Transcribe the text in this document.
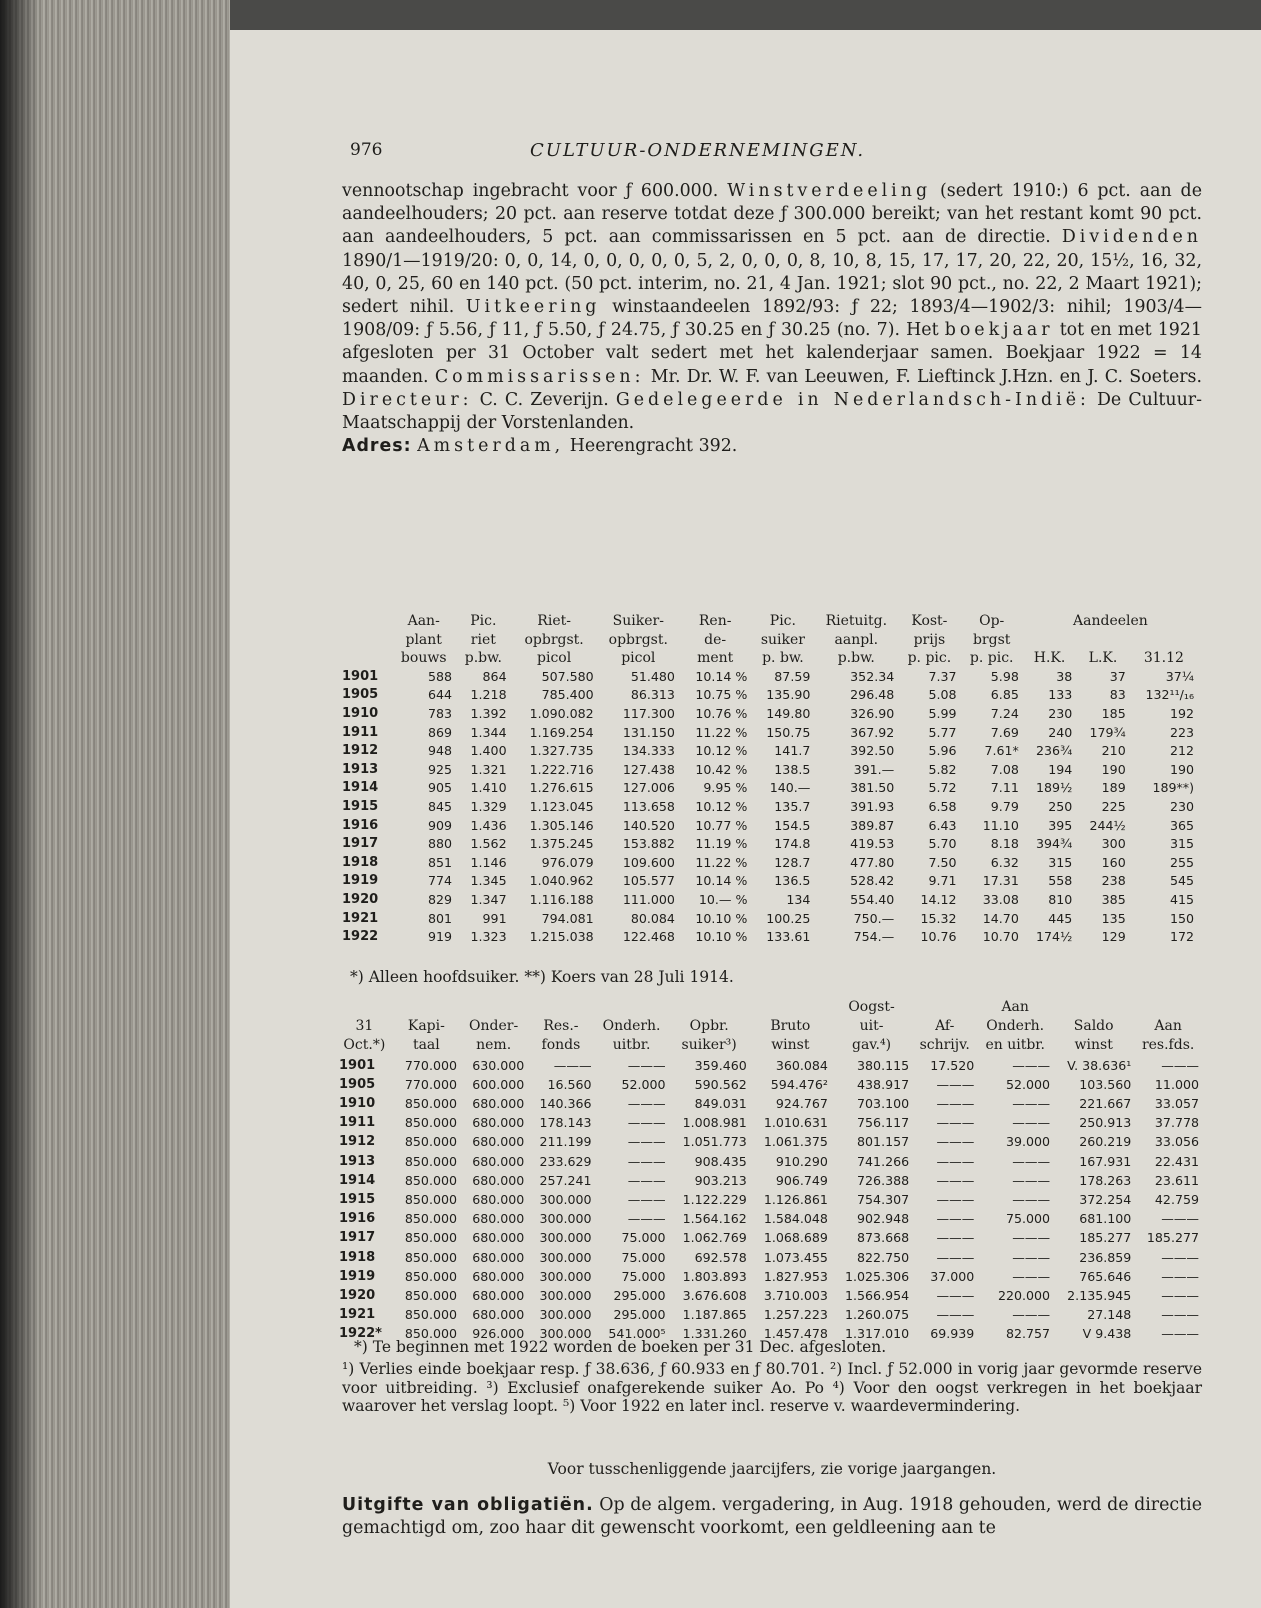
976	CULTUUR-ONDERNEMINGEN.
vennootschap ingebracht voor ƒ 600.000. Winstverdeeling (sedert 1910:) 6 pct. aan de aandeelhouders; 20 pct. aan reserve totdat deze ƒ 300.000 bereikt; van het restant komt 90 pct. aan aandeelhouders, 5 pct. aan commissarissen en 5 pct. aan de directie. Dividenden 1890/1—1919/20: 0, 0, 14, 0, 0, 0, 0, 0, 5, 2, 0, 0, 0, 8, 10, 8, 15, 17, 17, 20, 22, 20, 15½, 16, 32, 40, 0, 25, 60 en 140 pct. (50 pct. interim, no. 21, 4 Jan. 1921; slot 90 pct., no. 22, 2 Maart 1921); sedert nihil. Uitkeering winstaandeelen 1892/93: ƒ 22; 1893/4—1902/3: nihil; 1903/4—1908/09: ƒ 5.56, ƒ 11, ƒ 5.50, ƒ 24.75, ƒ 30.25 en ƒ 30.25 (no. 7). Het boekjaar tot en met 1921 afgesloten per 31 October valt sedert met het kalenderjaar samen. Boekjaar 1922 = 14 maanden. Commissarissen: Mr. Dr. W. F. van Leeuwen, F. Lieftinck J.Hzn. en J. C. Soeters. Directeur: C. C. Zeverijn. Gedelegeerde in Nederlandsch-Indië: De Cultuur-Maatschappij der Vorstenlanden.
Adres: Amsterdam, Heerengracht 392.
	Aan-	Pic.	Riet-	Suiker-	Ren-	Pic.	Rietuitg.	Kost-	Op-	Aandeelen		
	plant	riet	opbrgst.	opbrgst.	de-	suiker	aanpl.	prijs	brgst			
	bouws	p.bw.	picol	picol	ment	p. bw.	p.bw.	p. pic.	p. pic.	H.K.	L.K.	31.12
1901	588	864	507.580	51.480	10.14 %	87.59	352.34	7.37	5.98	38	37	37¼
1905	644	1.218	785.400	86.313	10.75 %	135.90	296.48	5.08	6.85	133	83	132¹¹/₁₆
1910	783	1.392	1.090.082	117.300	10.76 %	149.80	326.90	5.99	7.24	230	185	192
1911	869	1.344	1.169.254	131.150	11.22 %	150.75	367.92	5.77	7.69	240	179¾	223
1912	948	1.400	1.327.735	134.333	10.12 %	141.7	392.50	5.96	7.61*	236¾	210	212
1913	925	1.321	1.222.716	127.438	10.42 %	138.5	391.—	5.82	7.08	194	190	190
1914	905	1.410	1.276.615	127.006	9.95 %	140.—	381.50	5.72	7.11	189½	189	189**)
1915	845	1.329	1.123.045	113.658	10.12 %	135.7	391.93	6.58	9.79	250	225	230
1916	909	1.436	1.305.146	140.520	10.77 %	154.5	389.87	6.43	11.10	395	244½	365
1917	880	1.562	1.375.245	153.882	11.19 %	174.8	419.53	5.70	8.18	394¾	300	315
1918	851	1.146	976.079	109.600	11.22 %	128.7	477.80	7.50	6.32	315	160	255
1919	774	1.345	1.040.962	105.577	10.14 %	136.5	528.42	9.71	17.31	558	238	545
1920	829	1.347	1.116.188	111.000	10.— %	134	554.40	14.12	33.08	810	385	415
1921	801	991	794.081	80.084	10.10 %	100.25	750.—	15.32	14.70	445	135	150
1922	919	1.323	1.215.038	122.468	10.10 %	133.61	754.—	10.76	10.70	174½	129	172
*) Alleen hoofdsuiker. **) Koers van 28 Juli 1914.
							Oogst-		Aan		
31	Kapi-	Onder-	Res.-	Onderh.	Opbr.	Bruto	uit-	Af-	Onderh.	Saldo	Aan
Oct.*)	taal	nem.	fonds	uitbr.	suiker³)	winst	gav.⁴)	schrijv.	en uitbr.	winst	res.fds.
1901	770.000	630.000	———	———	359.460	360.084	380.115	17.520	———	V. 38.636¹	———
1905	770.000	600.000	16.560	52.000	590.562	594.476²	438.917	———	52.000	103.560	11.000
1910	850.000	680.000	140.366	———	849.031	924.767	703.100	———	———	221.667	33.057
1911	850.000	680.000	178.143	———	1.008.981	1.010.631	756.117	———	———	250.913	37.778
1912	850.000	680.000	211.199	———	1.051.773	1.061.375	801.157	———	39.000	260.219	33.056
1913	850.000	680.000	233.629	———	908.435	910.290	741.266	———	———	167.931	22.431
1914	850.000	680.000	257.241	———	903.213	906.749	726.388	———	———	178.263	23.611
1915	850.000	680.000	300.000	———	1.122.229	1.126.861	754.307	———	———	372.254	42.759
1916	850.000	680.000	300.000	———	1.564.162	1.584.048	902.948	———	75.000	681.100	———
1917	850.000	680.000	300.000	75.000	1.062.769	1.068.689	873.668	———	———	185.277	185.277
1918	850.000	680.000	300.000	75.000	692.578	1.073.455	822.750	———	———	236.859	———
1919	850.000	680.000	300.000	75.000	1.803.893	1.827.953	1.025.306	37.000	———	765.646	———
1920	850.000	680.000	300.000	295.000	3.676.608	3.710.003	1.566.954	———	220.000	2.135.945	———
1921	850.000	680.000	300.000	295.000	1.187.865	1.257.223	1.260.075	———	———	27.148	———
1922*	850.000	926.000	300.000	541.000⁵	1.331.260	1.457.478	1.317.010	69.939	82.757	V 9.438	———
*) Te beginnen met 1922 worden de boeken per 31 Dec. afgesloten.
¹) Verlies einde boekjaar resp. ƒ 38.636, ƒ 60.933 en ƒ 80.701. ²) Incl. ƒ 52.000 in vorig jaar gevormde reserve voor uitbreiding. ³) Exclusief onafgerekende suiker Ao. Po ⁴) Voor den oogst verkregen in het boekjaar waarover het verslag loopt. ⁵) Voor 1922 en later incl. reserve v. waardevermindering.
Voor tusschenliggende jaarcijfers, zie vorige jaargangen.
Uitgifte van obligatiën. Op de algem. vergadering, in Aug. 1918 gehouden, werd de directie gemachtigd om, zoo haar dit gewenscht voorkomt, een geldleening aan te
